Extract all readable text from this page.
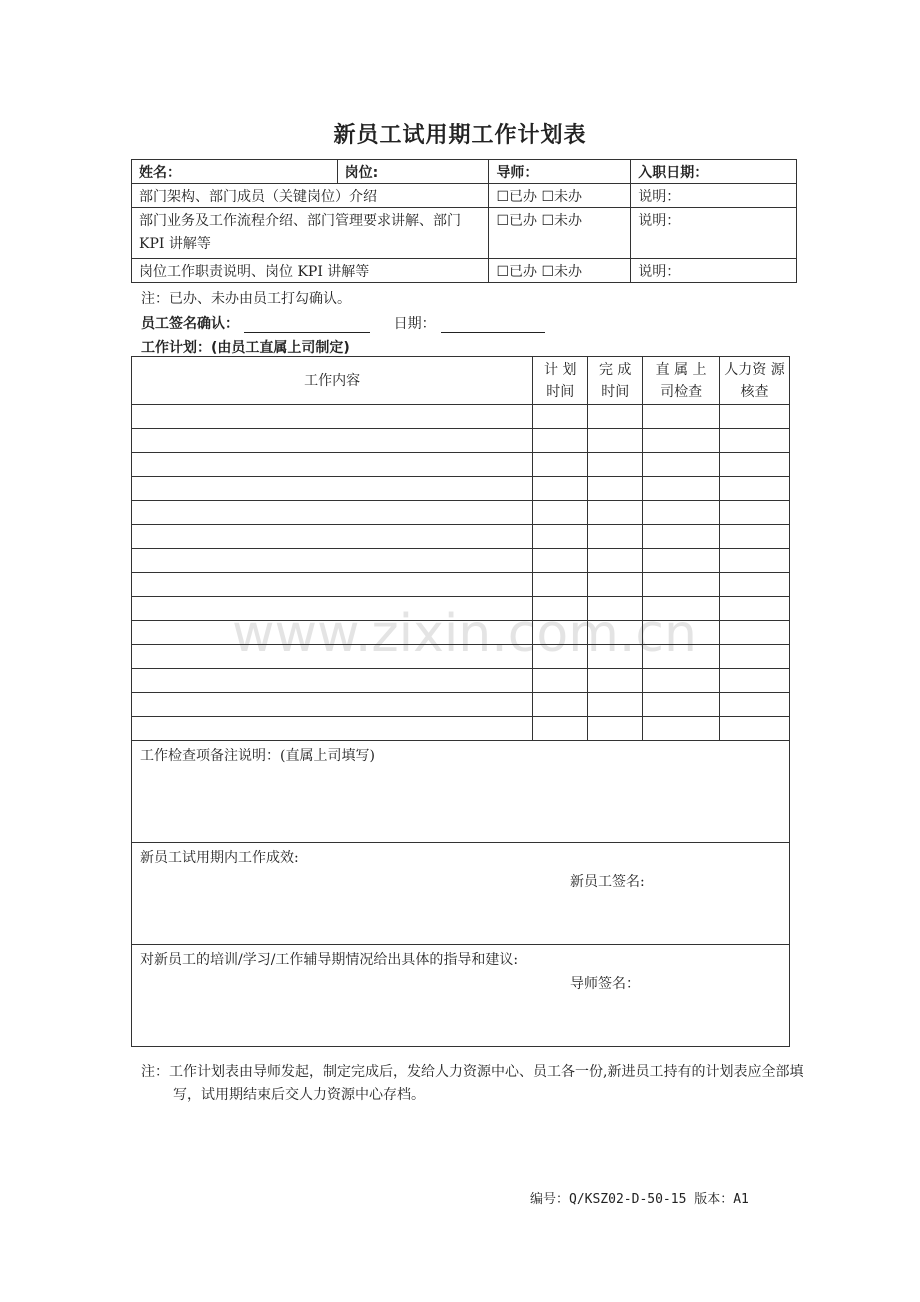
www.zixin.com.cn
新员工试用期工作计划表
姓名：	岗位:	导师：	入职日期：
部门架构、部门成员（关键岗位）介绍		☐已办 ☐未办	说明：
部门业务及工作流程介绍、部门管理要求讲解、部门 KPI 讲解等		☐已办 ☐未办	说明：
岗位工作职责说明、岗位 KPI 讲解等		☐已办 ☐未办	说明：
注：已办、未办由员工打勾确认。
员工签名确认：	日期：
工作计划：(由员工直属上司制定)
工作内容	计 划 时间	完 成 时间	直 属 上 司检查	人力资 源核查

工作检查项备注说明：(直属上司填写)				

新员工试用期内工作成效:
新员工签名:				

对新员工的培训/学习/工作辅导期情况给出具体的指导和建议:
导师签名：				
注：工作计划表由导师发起，制定完成后，发给人力资源中心、员工各一份,新进员工持有的计划表应全部填写，试用期结束后交人力资源中心存档。
编号：Q/KSZ02-D-50-15 版本：A1
